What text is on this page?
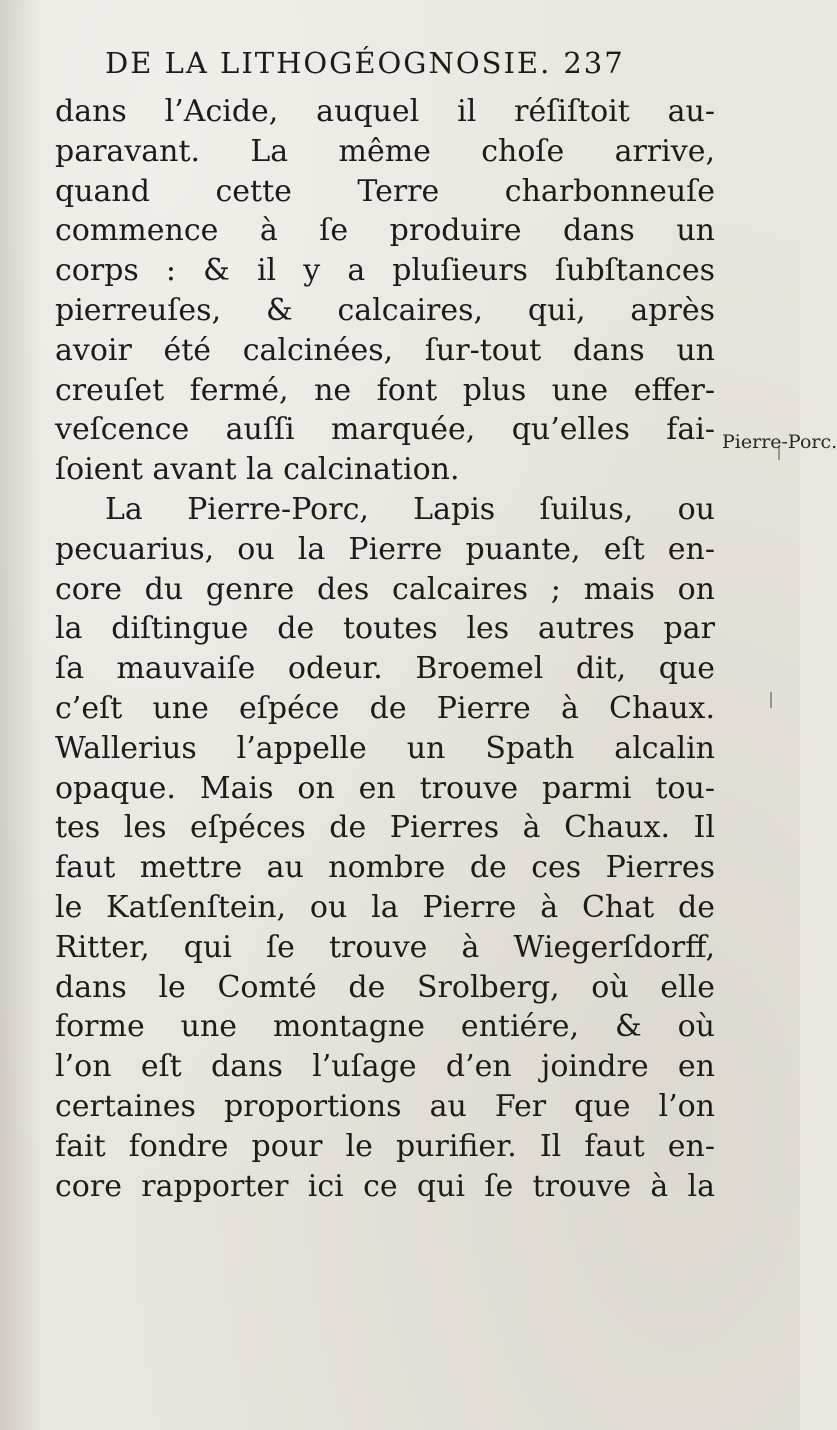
DE LA LITHOGÉOGNOSIE. 237
dans l’Acide, auquel il réſiſtoit au-
paravant. La même choſe arrive,
quand cette Terre charbonneuſe
commence à ſe produire dans un
corps : & il y a pluſieurs ſubſtances
pierreuſes, & calcaires, qui, après
avoir été calcinées, ſur-tout dans un
creuſet fermé, ne font plus une effer-
veſcence auſſi marquée, qu’elles fai-
ſoient avant la calcination.
La Pierre-Porc, Lapis ſuilus, ou
pecuarius, ou la Pierre puante, eſt en-
core du genre des calcaires ; mais on
la diſtingue de toutes les autres par
ſa mauvaiſe odeur. Broemel dit, que
c’eſt une eſpéce de Pierre à Chaux.
Wallerius l’appelle un Spath alcalin
opaque. Mais on en trouve parmi tou-
tes les eſpéces de Pierres à Chaux. Il
faut mettre au nombre de ces Pierres
le Katſenſtein, ou la Pierre à Chat de
Ritter, qui ſe trouve à Wiegerſdorff,
dans le Comté de Srolberg, où elle
forme une montagne entiére, & où
l’on eſt dans l’uſage d’en joindre en
certaines proportions au Fer que l’on
fait fondre pour le purifier. Il faut en-
core rapporter ici ce qui ſe trouve à la
Pierre-Porc.
